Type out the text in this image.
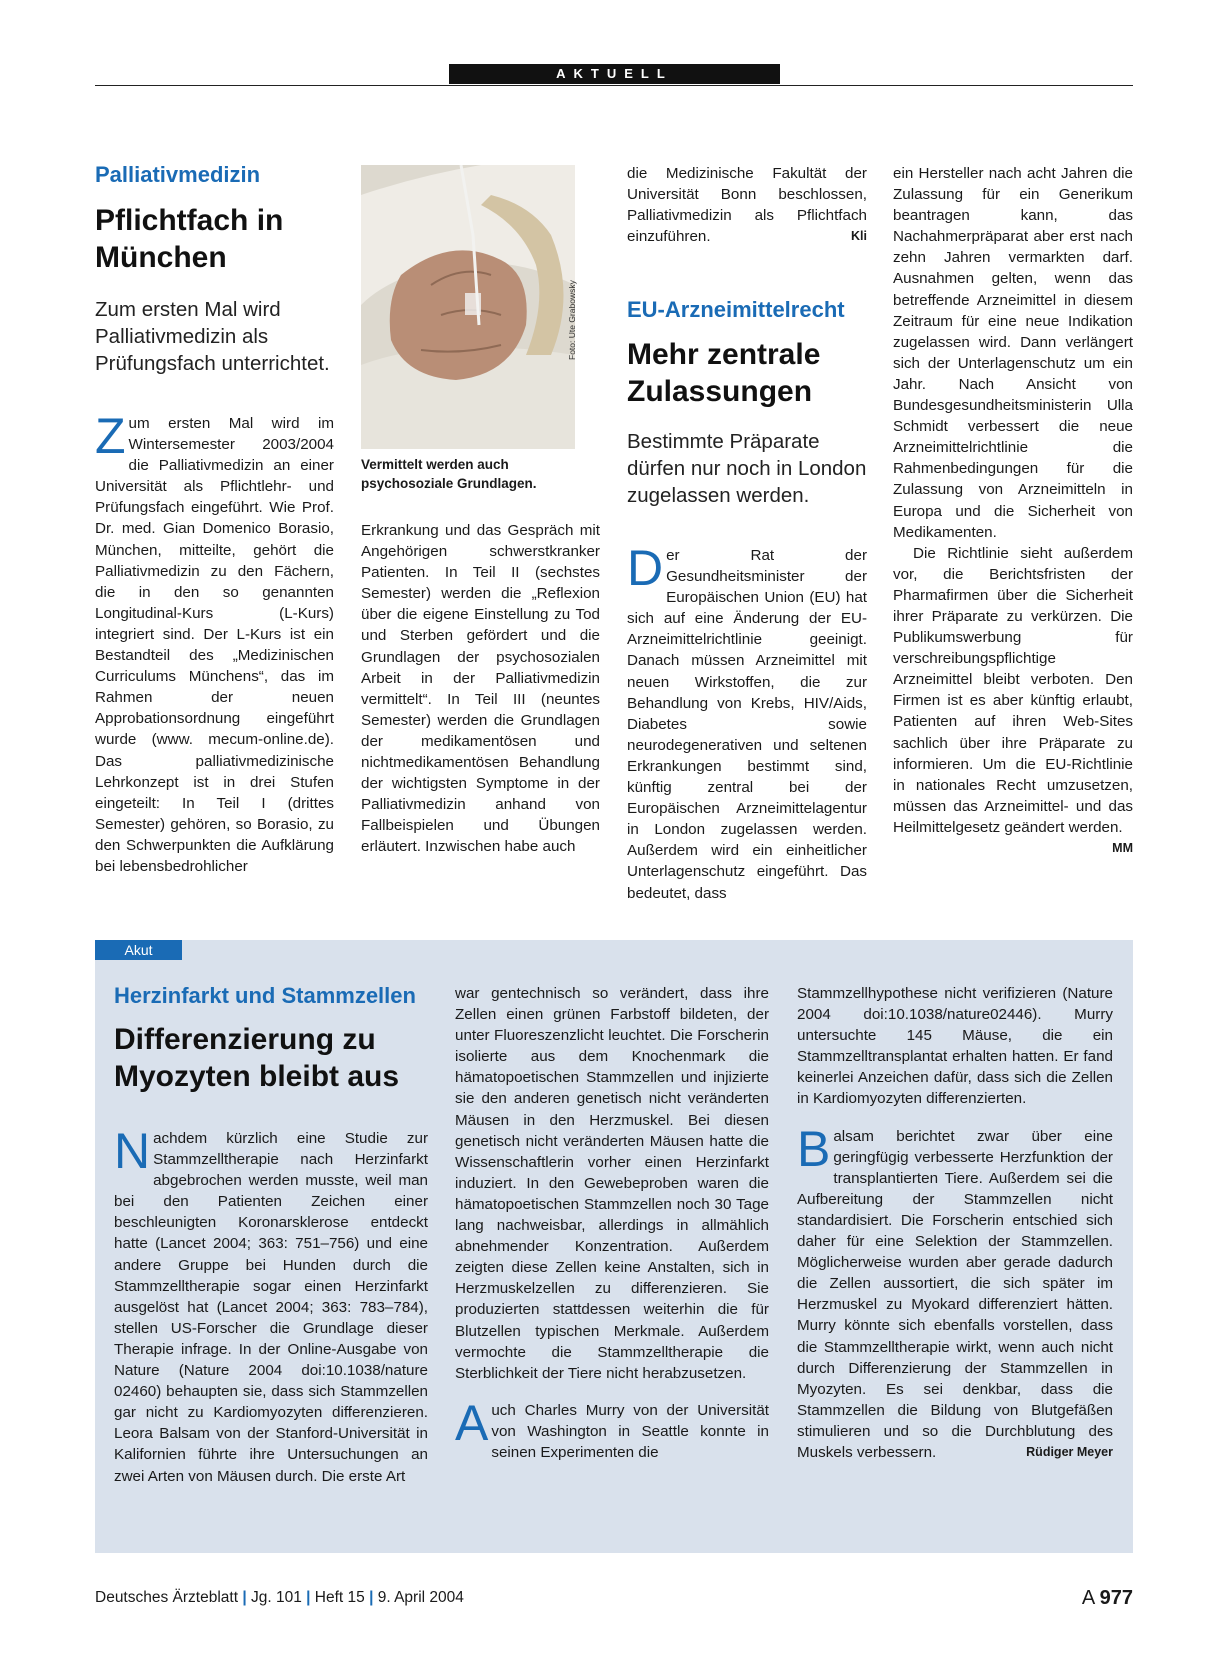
AKTUELL
Palliativmedizin
Pflichtfach in München
Zum ersten Mal wird Palliativmedizin als Prüfungsfach unterrichtet.
Zum ersten Mal wird im Wintersemester 2003/2004 die Palliativmedizin an einer Universität als Pflichtlehr- und Prüfungsfach eingeführt. Wie Prof. Dr. med. Gian Domenico Borasio, München, mitteilte, gehört die Palliativmedizin zu den Fächern, die in den so genannten Longitudinal-Kurs (L-Kurs) integriert sind. Der L-Kurs ist ein Bestandteil des „Medizinischen Curriculums Münchens“, das im Rahmen der neuen Approbationsordnung eingeführt wurde (www. mecum-online.de). Das palliativmedizinische Lehrkonzept ist in drei Stufen eingeteilt: In Teil I (drittes Semester) gehören, so Borasio, zu den Schwerpunkten die Aufklärung bei lebensbedrohlicher
Foto: Ute Grabowsky
Vermittelt werden auch psychosoziale Grundlagen.

Erkrankung und das Gespräch mit Angehörigen schwerstkranker Patienten. In Teil II (sechstes Semester) werden die „Reflexion über die eigene Einstellung zu Tod und Sterben gefördert und die Grundlagen der psychosozialen Arbeit in der Palliativmedizin vermittelt“. In Teil III (neuntes Semester) werden die Grundlagen der medikamentösen und nichtmedikamentösen Behandlung der wichtigsten Symptome in der Palliativmedizin anhand von Fallbeispielen und Übungen erläutert. Inzwischen habe auch

die Medizinische Fakultät der Universität Bonn beschlossen, Palliativmedizin als Pflichtfach einzuführen.	Kli

EU-Arzneimittelrecht
Mehr zentrale Zulassungen
Bestimmte Präparate dürfen nur noch in London zugelassen werden.
Der Rat der Gesundheitsminister der Europäischen Union (EU) hat sich auf eine Änderung der EU-Arzneimittelrichtlinie geeinigt. Danach müssen Arzneimittel mit neuen Wirkstoffen, die zur Behandlung von Krebs, HIV/Aids, Diabetes sowie neurodegenerativen und seltenen Erkrankungen bestimmt sind, künftig zentral bei der Europäischen Arzneimittelagentur in London zugelassen werden. Außerdem wird ein einheitlicher Unterlagenschutz eingeführt. Das bedeutet, dass

ein Hersteller nach acht Jahren die Zulassung für ein Generikum beantragen kann, das Nachahmerpräparat aber erst nach zehn Jahren vermarkten darf. Ausnahmen gelten, wenn das betreffende Arzneimittel in diesem Zeitraum für eine neue Indikation zugelassen wird. Dann verlängert sich der Unterlagenschutz um ein Jahr. Nach Ansicht von Bundesgesundheitsministerin Ulla Schmidt verbessert die neue Arzneimittelrichtlinie die Rahmenbedingungen für die Zulassung von Arzneimitteln in Europa und die Sicherheit von Medikamenten.

Die Richtlinie sieht außerdem vor, die Berichtsfristen der Pharmafirmen über die Sicherheit ihrer Präparate zu verkürzen. Die Publikumswerbung für verschreibungspflichtige Arzneimittel bleibt verboten. Den Firmen ist es aber künftig erlaubt, Patienten auf ihren Web-Sites sachlich über ihre Präparate zu informieren. Um die EU-Richtlinie in nationales Recht umzusetzen, müssen das Arzneimittel- und das Heilmittelgesetz geändert werden.
MM

Akut
Herzinfarkt und Stammzellen
Differenzierung zu Myozyten bleibt aus
Nachdem kürzlich eine Studie zur Stammzelltherapie nach Herzinfarkt abgebrochen werden musste, weil man bei den Patienten Zeichen einer beschleunigten Koronarsklerose entdeckt hatte (Lancet 2004; 363: 751–756) und eine andere Gruppe bei Hunden durch die Stammzelltherapie sogar einen Herzinfarkt ausgelöst hat (Lancet 2004; 363: 783–784), stellen US-Forscher die Grundlage dieser Therapie infrage. In der Online-Ausgabe von Nature (Nature 2004 doi:10.1038/nature 02460) behaupten sie, dass sich Stammzellen gar nicht zu Kardiomyozyten differenzieren. Leora Balsam von der Stanford-Universität in Kalifornien führte ihre Untersuchungen an zwei Arten von Mäusen durch. Die erste Art

war gentechnisch so verändert, dass ihre Zellen einen grünen Farbstoff bildeten, der unter Fluoreszenzlicht leuchtet. Die Forscherin isolierte aus dem Knochenmark die hämatopoetischen Stammzellen und injizierte sie den anderen genetisch nicht veränderten Mäusen in den Herzmuskel. Bei diesen genetisch nicht veränderten Mäusen hatte die Wissenschaftlerin vorher einen Herzinfarkt induziert. In den Gewebeproben waren die hämatopoetischen Stammzellen noch 30 Tage lang nachweisbar, allerdings in allmählich abnehmender Konzentration. Außerdem zeigten diese Zellen keine Anstalten, sich in Herzmuskelzellen zu differenzieren. Sie produzierten stattdessen weiterhin die für Blutzellen typischen Merkmale. Außerdem vermochte die Stammzelltherapie die Sterblichkeit der Tiere nicht herabzusetzen.

Auch Charles Murry von der Universität von Washington in Seattle konnte in seinen Experimenten die

Stammzellhypothese nicht verifizieren (Nature 2004 doi:10.1038/nature02446). Murry untersuchte 145 Mäuse, die ein Stammzelltransplantat erhalten hatten. Er fand keinerlei Anzeichen dafür, dass sich die Zellen in Kardiomyozyten differenzierten.

Balsam berichtet zwar über eine geringfügig verbesserte Herzfunktion der transplantierten Tiere. Außerdem sei die Aufbereitung der Stammzellen nicht standardisiert. Die Forscherin entschied sich daher für eine Selektion der Stammzellen. Möglicherweise wurden aber gerade dadurch die Zellen aussortiert, die sich später im Herzmuskel zu Myokard differenziert hätten. Murry könnte sich ebenfalls vorstellen, dass die Stammzelltherapie wirkt, wenn auch nicht durch Differenzierung der Stammzellen in Myozyten. Es sei denkbar, dass die Stammzellen die Bildung von Blutgefäßen stimulieren und so die Durchblutung des Muskels verbessern.	Rüdiger Meyer

Deutsches Ärzteblatt | Jg. 101 | Heft 15 | 9. April 2004	A 977
